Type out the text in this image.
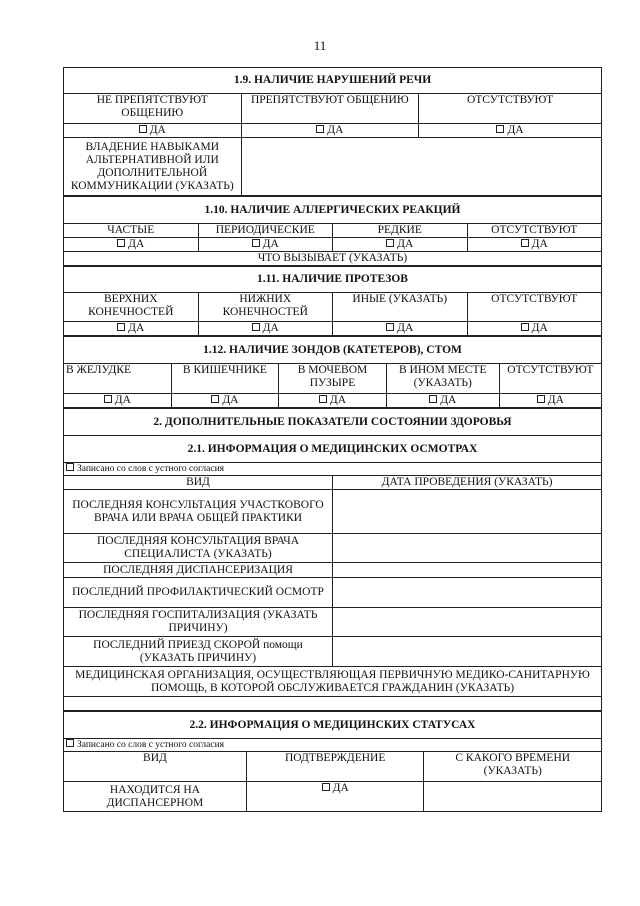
11
1.9. НАЛИЧИЕ НАРУШЕНИЙ РЕЧИ		
НЕ ПРЕПЯТСТВУЮТ ОБЩЕНИЮ	ПРЕПЯТСТВУЮТ ОБЩЕНИЮ	ОТСУТСТВУЮТ
ДА	ДА	ДА
ВЛАДЕНИЕ НАВЫКАМИ АЛЬТЕРНАТИВНОЙ ИЛИ ДОПОЛНИТЕЛЬНОЙ КОММУНИКАЦИИ (УКАЗАТЬ)		
1.10. НАЛИЧИЕ АЛЛЕРГИЧЕСКИХ РЕАКЦИЙ			
ЧАСТЫЕ	ПЕРИОДИЧЕСКИЕ	РЕДКИЕ	ОТСУТСТВУЮТ
ДА	ДА	ДА	ДА
ЧТО ВЫЗЫВАЕТ (УКАЗАТЬ)			
1.11. НАЛИЧИЕ ПРОТЕЗОВ			
ВЕРХНИХ КОНЕЧНОСТЕЙ	НИЖНИХ КОНЕЧНОСТЕЙ	ИНЫЕ (УКАЗАТЬ)	ОТСУТСТВУЮТ
ДА	ДА	ДА	ДА
1.12. НАЛИЧИЕ ЗОНДОВ (КАТЕТЕРОВ), СТОМ				
В ЖЕЛУДКЕ	В КИШЕЧНИКЕ	В МОЧЕВОМ ПУЗЫРЕ	В ИНОМ МЕСТЕ (УКАЗАТЬ)	ОТСУТСТВУЮТ
ДА	ДА	ДА	ДА	ДА
2. ДОПОЛНИТЕЛЬНЫЕ ПОКАЗАТЕЛИ СОСТОЯНИИ ЗДОРОВЬЯ	
2.1. ИНФОРМАЦИЯ О МЕДИЦИНСКИХ ОСМОТРАХ	
Записано со слов с устного согласия	
ВИД	ДАТА ПРОВЕДЕНИЯ (УКАЗАТЬ)
ПОСЛЕДНЯЯ КОНСУЛЬТАЦИЯ УЧАСТКОВОГО ВРАЧА ИЛИ ВРАЧА ОБЩЕЙ ПРАКТИКИ	
ПОСЛЕДНЯЯ КОНСУЛЬТАЦИЯ ВРАЧА СПЕЦИАЛИСТА (УКАЗАТЬ)	
ПОСЛЕДНЯЯ ДИСПАНСЕРИЗАЦИЯ	
ПОСЛЕДНИЙ ПРОФИЛАКТИЧЕСКИЙ ОСМОТР	
ПОСЛЕДНЯЯ ГОСПИТАЛИЗАЦИЯ (УКАЗАТЬ ПРИЧИНУ)	
ПОСЛЕДНИЙ ПРИЕЗД СКОРОЙ помощи (УКАЗАТЬ ПРИЧИНУ)	
МЕДИЦИНСКАЯ ОРГАНИЗАЦИЯ, ОСУЩЕСТВЛЯЮЩАЯ ПЕРВИЧНУЮ МЕДИКО-САНИТАРНУЮ ПОМОЩЬ, В КОТОРОЙ ОБСЛУЖИВАЕТСЯ ГРАЖДАНИН (УКАЗАТЬ)	

2.2. ИНФОРМАЦИЯ О МЕДИЦИНСКИХ СТАТУСАХ		
Записано со слов с устного согласия		
ВИД	ПОДТВЕРЖДЕНИЕ	С КАКОГО ВРЕМЕНИ (УКАЗАТЬ)
НАХОДИТСЯ НА ДИСПАНСЕРНОМ	ДА	
